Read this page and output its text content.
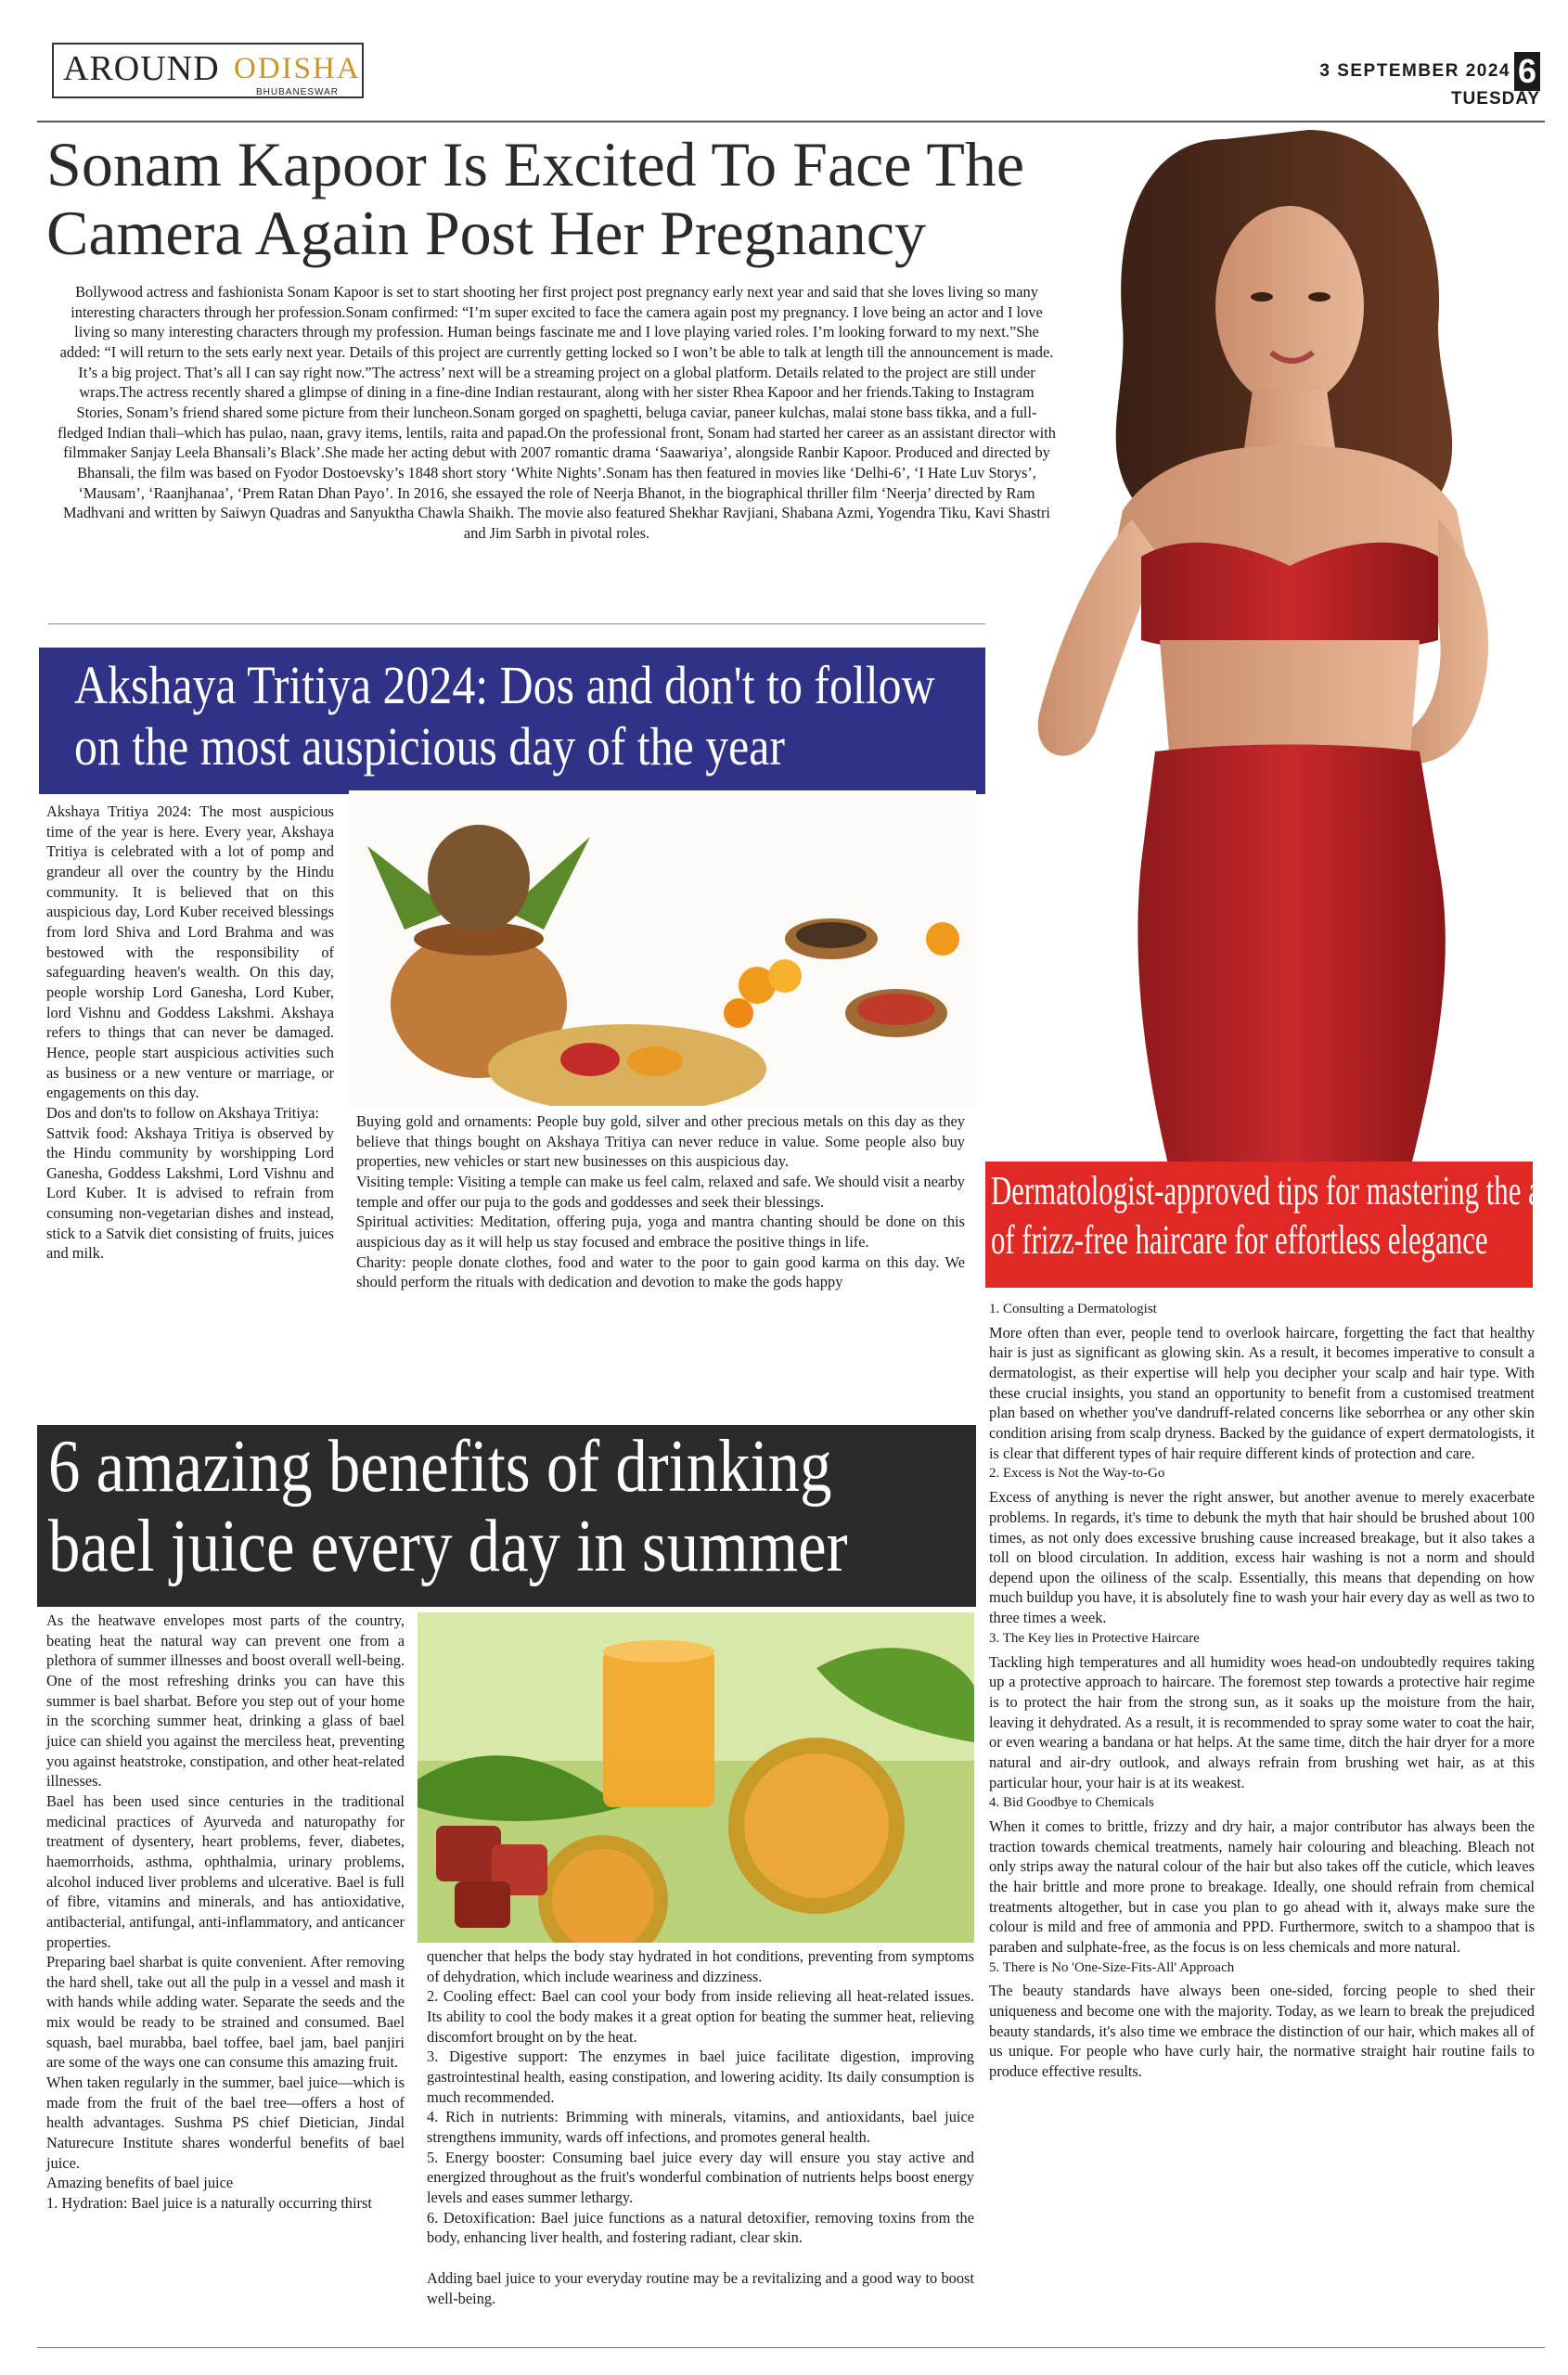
AROUND ODISHA
BHUBANESWAR
3 SEPTEMBER 2024 6
TUESDAY
Sonam Kapoor Is Excited To Face The
Camera Again Post Her Pregnancy
Bollywood actress and fashionista Sonam Kapoor is set to start shooting her first project post pregnancy early next year and said that she loves living so many interesting characters through her profession.Sonam confirmed: “I’m super excited to face the camera again post my pregnancy. I love being an actor and I love living so many interesting characters through my profession. Human beings fascinate me and I love playing varied roles. I’m looking forward to my next.”She added: “I will return to the sets early next year. Details of this project are currently getting locked so I won’t be able to talk at length till the announcement is made. It’s a big project. That’s all I can say right now.”The actress’ next will be a streaming project on a global platform. Details related to the project are still under wraps.The actress recently shared a glimpse of dining in a fine-dine Indian restaurant, along with her sister Rhea Kapoor and her friends.Taking to Instagram Stories, Sonam’s friend shared some picture from their luncheon.Sonam gorged on spaghetti, beluga caviar, paneer kulchas, malai stone bass tikka, and a full-fledged Indian thali–which has pulao, naan, gravy items, lentils, raita and papad.On the professional front, Sonam had started her career as an assistant director with filmmaker Sanjay Leela Bhansali’s Black’.She made her acting debut with 2007 romantic drama ‘Saawariya’, alongside Ranbir Kapoor. Produced and directed by Bhansali, the film was based on Fyodor Dostoevsky’s 1848 short story ‘White Nights’.Sonam has then featured in movies like ‘Delhi-6’, ‘I Hate Luv Storys’, ‘Mausam’, ‘Raanjhanaa’, ‘Prem Ratan Dhan Payo’. In 2016, she essayed the role of Neerja Bhanot, in the biographical thriller film ‘Neerja’ directed by Ram Madhvani and written by Saiwyn Quadras and Sanyuktha Chawla Shaikh. The movie also featured Shekhar Ravjiani, Shabana Azmi, Yogendra Tiku, Kavi Shastri and Jim Sarbh in pivotal roles.
Akshaya Tritiya 2024: Dos and don't to follow
on the most auspicious day of the year

Akshaya Tritiya 2024: The most auspicious time of the year is here. Every year, Akshaya Tritiya is celebrated with a lot of pomp and grandeur all over the country by the Hindu community. It is believed that on this auspicious day, Lord Kuber received blessings from lord Shiva and Lord Brahma and was bestowed with the responsibility of safeguarding heaven's wealth. On this day, people worship Lord Ganesha, Lord Kuber, lord Vishnu and Goddess Lakshmi. Akshaya refers to things that can never be damaged. Hence, people start auspicious activities such as business or a new venture or marriage, or engagements on this day.

Dos and don'ts to follow on Akshaya Tritiya:

Sattvik food: Akshaya Tritiya is observed by the Hindu community by worshipping Lord Ganesha, Goddess Lakshmi, Lord Vishnu and Lord Kuber. It is advised to refrain from consuming non-vegetarian dishes and instead, stick to a Satvik diet consisting of fruits, juices and milk.

Buying gold and ornaments: People buy gold, silver and other precious metals on this day as they believe that things bought on Akshaya Tritiya can never reduce in value. Some people also buy properties, new vehicles or start new businesses on this auspicious day.

Visiting temple: Visiting a temple can make us feel calm, relaxed and safe. We should visit a nearby temple and offer our puja to the gods and goddesses and seek their blessings.

Spiritual activities: Meditation, offering puja, yoga and mantra chanting should be done on this auspicious day as it will help us stay focused and embrace the positive things in life.

Charity: people donate clothes, food and water to the poor to gain good karma on this day. We should perform the rituals with dedication and devotion to make the gods happy

6 amazing benefits of drinking
bael juice every day in summer

As the heatwave envelopes most parts of the country, beating heat the natural way can prevent one from a plethora of summer illnesses and boost overall well-being. One of the most refreshing drinks you can have this summer is bael sharbat. Before you step out of your home in the scorching summer heat, drinking a glass of bael juice can shield you against the merciless heat, preventing you against heatstroke, constipation, and other heat-related illnesses.

Bael has been used since centuries in the traditional medicinal practices of Ayurveda and naturopathy for treatment of dysentery, heart problems, fever, diabetes, haemorrhoids, asthma, ophthalmia, urinary problems, alcohol induced liver problems and ulcerative. Bael is full of fibre, vitamins and minerals, and has antioxidative, antibacterial, antifungal, anti-inflammatory, and anticancer properties.

Preparing bael sharbat is quite convenient. After removing the hard shell, take out all the pulp in a vessel and mash it with hands while adding water. Separate the seeds and the mix would be ready to be strained and consumed. Bael squash, bael murabba, bael toffee, bael jam, bael panjiri are some of the ways one can consume this amazing fruit.

When taken regularly in the summer, bael juice—which is made from the fruit of the bael tree—offers a host of health advantages. Sushma PS chief Dietician, Jindal Naturecure Institute shares wonderful benefits of bael juice.

Amazing benefits of bael juice

1. Hydration: Bael juice is a naturally occurring thirst

quencher that helps the body stay hydrated in hot conditions, preventing from symptoms of dehydration, which include weariness and dizziness.

2. Cooling effect: Bael can cool your body from inside relieving all heat-related issues. Its ability to cool the body makes it a great option for beating the summer heat, relieving discomfort brought on by the heat.

3. Digestive support: The enzymes in bael juice facilitate digestion, improving gastrointestinal health, easing constipation, and lowering acidity. Its daily consumption is much recommended.

4. Rich in nutrients: Brimming with minerals, vitamins, and antioxidants, bael juice strengthens immunity, wards off infections, and promotes general health.

5. Energy booster: Consuming bael juice every day will ensure you stay active and energized throughout as the fruit's wonderful combination of nutrients helps boost energy levels and eases summer lethargy.

6. Detoxification: Bael juice functions as a natural detoxifier, removing toxins from the body, enhancing liver health, and fostering radiant, clear skin.

Adding bael juice to your everyday routine may be a revitalizing and a good way to boost well-being.

Dermatologist-approved tips for mastering the art
of frizz-free haircare for effortless elegance
1. Consulting a Dermatologist

More often than ever, people tend to overlook haircare, forgetting the fact that healthy hair is just as significant as glowing skin. As a result, it becomes imperative to consult a dermatologist, as their expertise will help you decipher your scalp and hair type. With these crucial insights, you stand an opportunity to benefit from a customised treatment plan based on whether you've dandruff-related concerns like seborrhea or any other skin condition arising from scalp dryness. Backed by the guidance of expert dermatologists, it is clear that different types of hair require different kinds of protection and care.

2. Excess is Not the Way-to-Go

Excess of anything is never the right answer, but another avenue to merely exacerbate problems. In regards, it's time to debunk the myth that hair should be brushed about 100 times, as not only does excessive brushing cause increased breakage, but it also takes a toll on blood circulation. In addition, excess hair washing is not a norm and should depend upon the oiliness of the scalp. Essentially, this means that depending on how much buildup you have, it is absolutely fine to wash your hair every day as well as two to three times a week.

3. The Key lies in Protective Haircare

Tackling high temperatures and all humidity woes head-on undoubtedly requires taking up a protective approach to haircare. The foremost step towards a protective hair regime is to protect the hair from the strong sun, as it soaks up the moisture from the hair, leaving it dehydrated. As a result, it is recommended to spray some water to coat the hair, or even wearing a bandana or hat helps. At the same time, ditch the hair dryer for a more natural and air-dry outlook, and always refrain from brushing wet hair, as at this particular hour, your hair is at its weakest.

4. Bid Goodbye to Chemicals

When it comes to brittle, frizzy and dry hair, a major contributor has always been the traction towards chemical treatments, namely hair colouring and bleaching. Bleach not only strips away the natural colour of the hair but also takes off the cuticle, which leaves the hair brittle and more prone to breakage. Ideally, one should refrain from chemical treatments altogether, but in case you plan to go ahead with it, always make sure the colour is mild and free of ammonia and PPD. Furthermore, switch to a shampoo that is paraben and sulphate-free, as the focus is on less chemicals and more natural.

5. There is No 'One-Size-Fits-All' Approach

The beauty standards have always been one-sided, forcing people to shed their uniqueness and become one with the majority. Today, as we learn to break the prejudiced beauty standards, it's also time we embrace the distinction of our hair, which makes all of us unique. For people who have curly hair, the normative straight hair routine fails to produce effective results.
